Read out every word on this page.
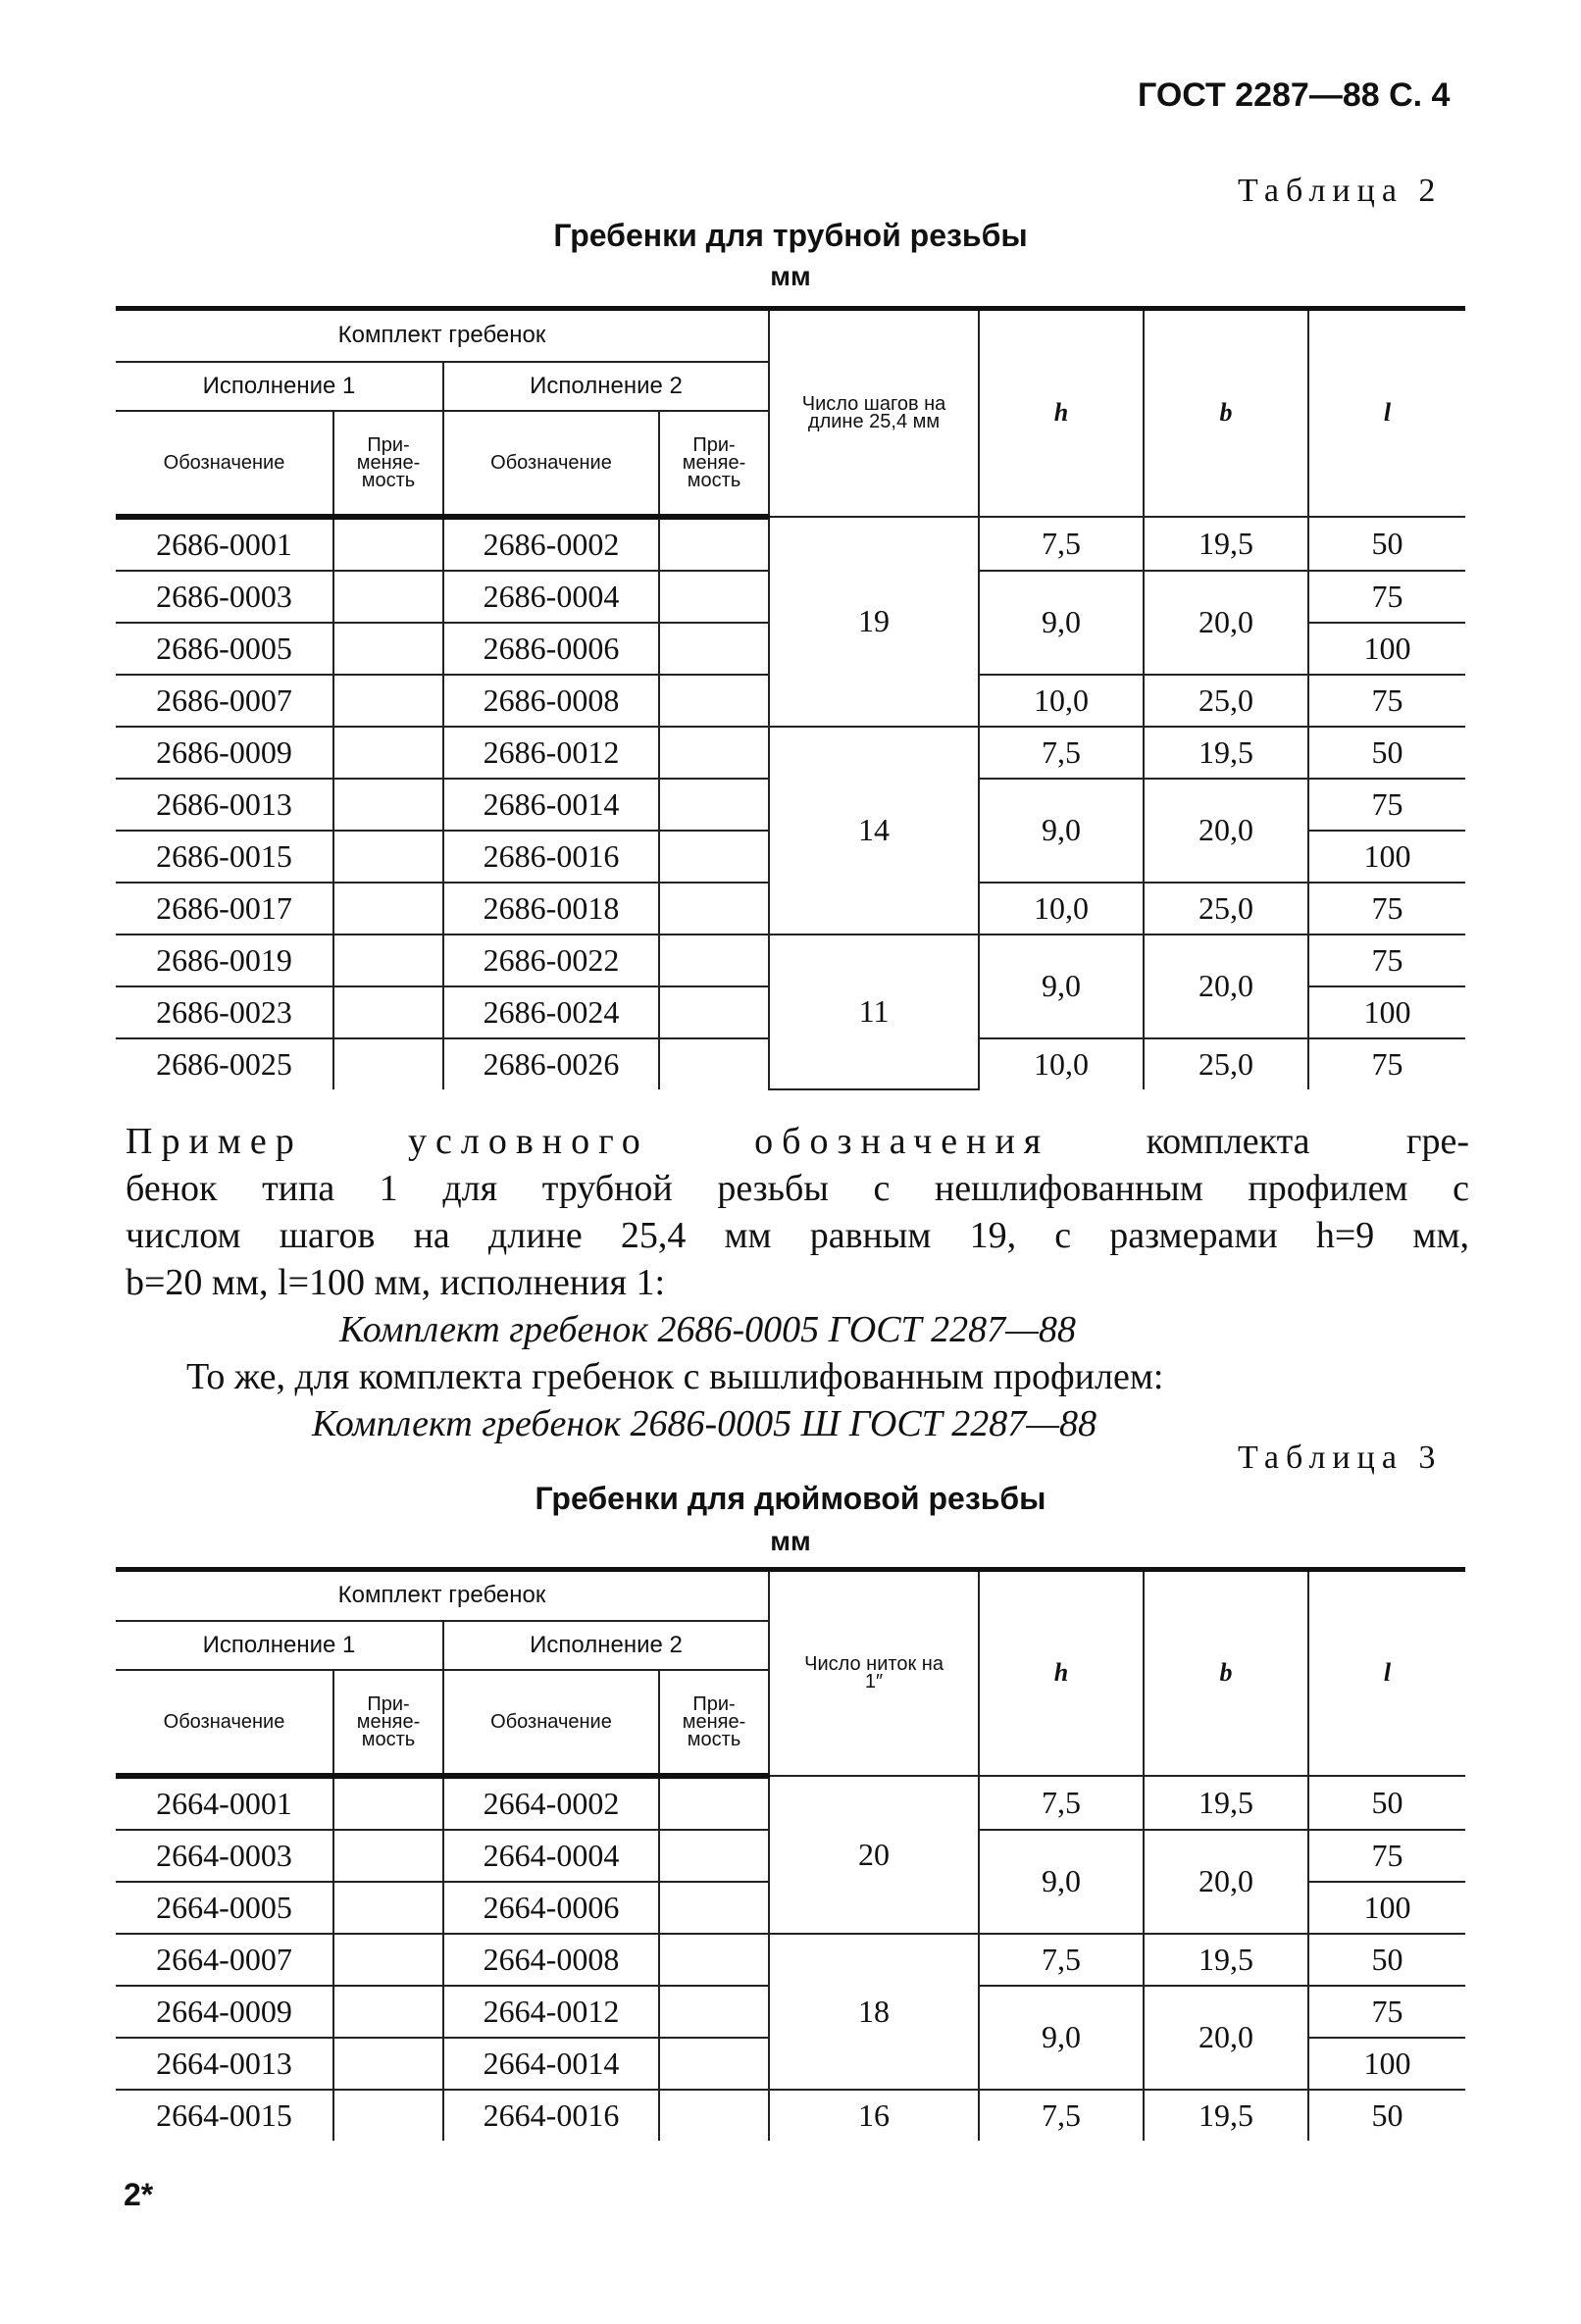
ГОСТ 2287—88 С. 4
Таблица 2
Гребенки для трубной резьбы
мм
Комплект гребенок				Число шагов на длине 25,4 мм	h	b	l
Исполнение 1		Исполнение 2					
Обозначение	При-меняе-мость	Обозначение	При-меняе-мость				
2686-0001		2686-0002		19	7,5	19,5	50
2686-0003		2686-0004			9,0	20,0	75
2686-0005		2686-0006					100
2686-0007		2686-0008			10,0	25,0	75
2686-0009		2686-0012		14	7,5	19,5	50
2686-0013		2686-0014			9,0	20,0	75
2686-0015		2686-0016					100
2686-0017		2686-0018			10,0	25,0	75
2686-0019		2686-0022		11	9,0	20,0	75
2686-0023		2686-0024					100
2686-0025		2686-0026			10,0	25,0	75
Пример условного обозначения	комплекта гре-
бенок типа 1 для трубной резьбы с нешлифованным профилем с
числом шагов на длине 25,4 мм равным 19, с размерами h=9 мм,
b=20 мм, l=100 мм, исполнения 1:
Комплект гребенок 2686-0005 ГОСТ 2287—88
То же, для комплекта гребенок с вышлифованным профилем:
Комплект гребенок 2686-0005 Ш ГОСТ 2287—88
Таблица 3
Гребенки для дюймовой резьбы
мм
Комплект гребенок				Число ниток на 1″	h	b	l
Исполнение 1		Исполнение 2					
Обозначение	При-меняе-мость	Обозначение	При-меняе-мость				
2664-0001		2664-0002		20	7,5	19,5	50
2664-0003		2664-0004			9,0	20,0	75
2664-0005		2664-0006					100
2664-0007		2664-0008		18	7,5	19,5	50
2664-0009		2664-0012			9,0	20,0	75
2664-0013		2664-0014					100
2664-0015		2664-0016		16	7,5	19,5	50
2*
